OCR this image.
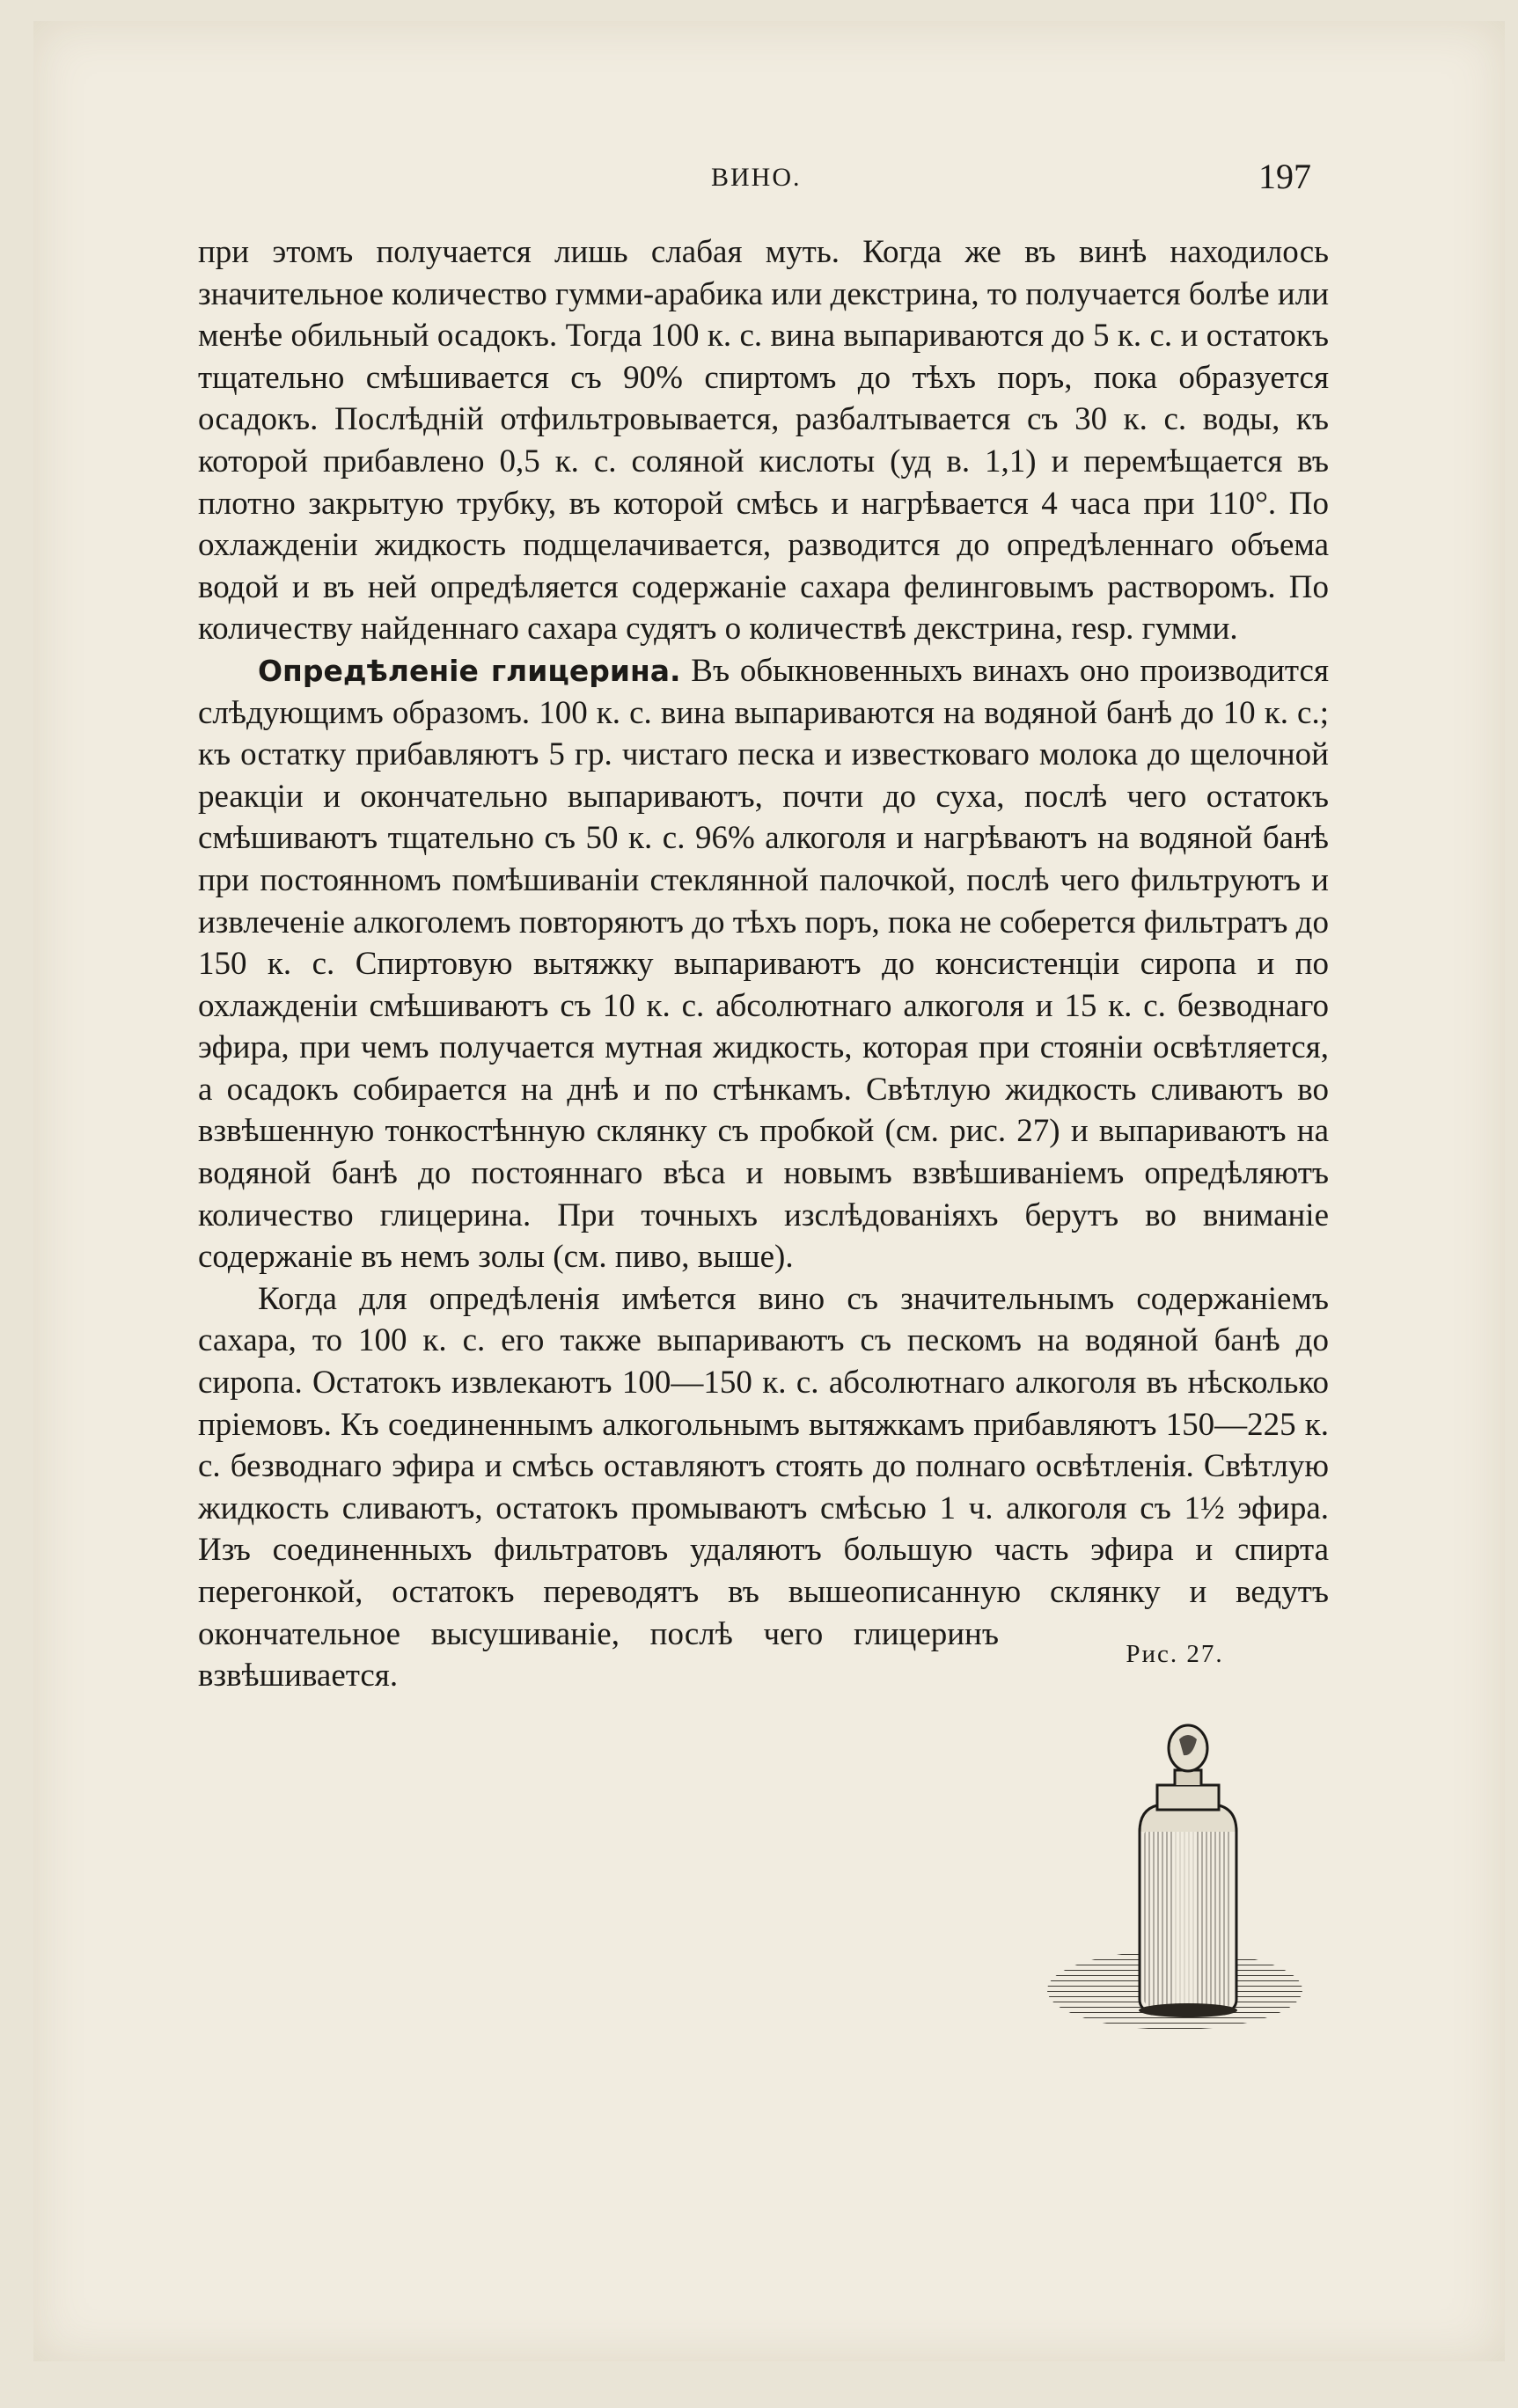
ВИНО.	197

при этомъ получается лишь слабая муть. Когда же въ винѣ находилось значительное количество гумми-арабика или декстрина, то получается болѣе или менѣе обильный осадокъ. Тогда 100 к. с. вина выпариваются до 5 к. с. и остатокъ тщательно смѣшивается съ 90% спиртомъ до тѣхъ поръ, пока образуется осадокъ. Послѣдній отфильтровывается, разбалтывается съ 30 к. с. воды, къ которой прибавлено 0,5 к. с. соляной кислоты (уд в. 1,1) и перемѣщается въ плотно закрытую трубку, въ которой смѣсь и нагрѣвается 4 часа при 110°. По охлажденіи жидкость подщелачивается, разводится до опредѣленнаго объема водой и въ ней опредѣляется содержаніе сахара фелинговымъ растворомъ. По количеству найденнаго сахара судятъ о количествѣ декстрина, resp. гумми.

Рис. 27.

Опредѣленіе глицерина. Въ обыкновенныхъ винахъ оно производится слѣдующимъ образомъ. 100 к. с. вина выпариваются на водяной банѣ до 10 к. с.; къ остатку прибавляютъ 5 гр. чистаго песка и известковаго молока до щелочной реакціи и окончательно выпариваютъ, почти до суха, послѣ чего остатокъ смѣшиваютъ тщательно съ 50 к. с. 96% алкоголя и нагрѣваютъ на водяной банѣ при постоянномъ помѣшиваніи стеклянной палочкой, послѣ чего фильтруютъ и извлеченіе алкоголемъ повторяютъ до тѣхъ поръ, пока не соберется фильтратъ до 150 к. с. Спиртовую вытяжку выпариваютъ до консистенціи сиропа и по охлажденіи смѣшиваютъ съ 10 к. с. абсолютнаго алкоголя и 15 к. с. безводнаго эфира, при чемъ получается мутная жидкость, которая при стояніи освѣтляется, а осадокъ собирается на днѣ и по стѣнкамъ. Свѣтлую жидкость сливаютъ во взвѣшенную тонкостѣнную склянку съ пробкой (см. рис. 27) и выпариваютъ на водяной банѣ до постояннаго вѣса и новымъ взвѣшиваніемъ опредѣляютъ количество глицерина. При точныхъ изслѣдованіяхъ берутъ во вниманіе содержаніе въ немъ золы (см. пиво, выше).

Когда для опредѣленія имѣется вино съ значительнымъ содержаніемъ сахара, то 100 к. с. его также выпариваютъ съ пескомъ на водяной банѣ до сиропа. Остатокъ извлекаютъ 100—150 к. с. абсолютнаго алкоголя въ нѣсколько пріемовъ. Къ соединеннымъ алкогольнымъ вытяжкамъ прибавляютъ 150—225 к. с. безводнаго эфира и смѣсь оставляютъ стоять до полнаго освѣтленія. Свѣтлую жидкость сливаютъ, остатокъ промываютъ смѣсью 1 ч. алкоголя съ 1½ эфира. Изъ соединенныхъ фильтратовъ удаляютъ большую часть эфира и спирта перегонкой, остатокъ переводятъ въ вышеописанную склянку и ведутъ окончательное высушиваніе, послѣ чего глицеринъ взвѣшивается.
